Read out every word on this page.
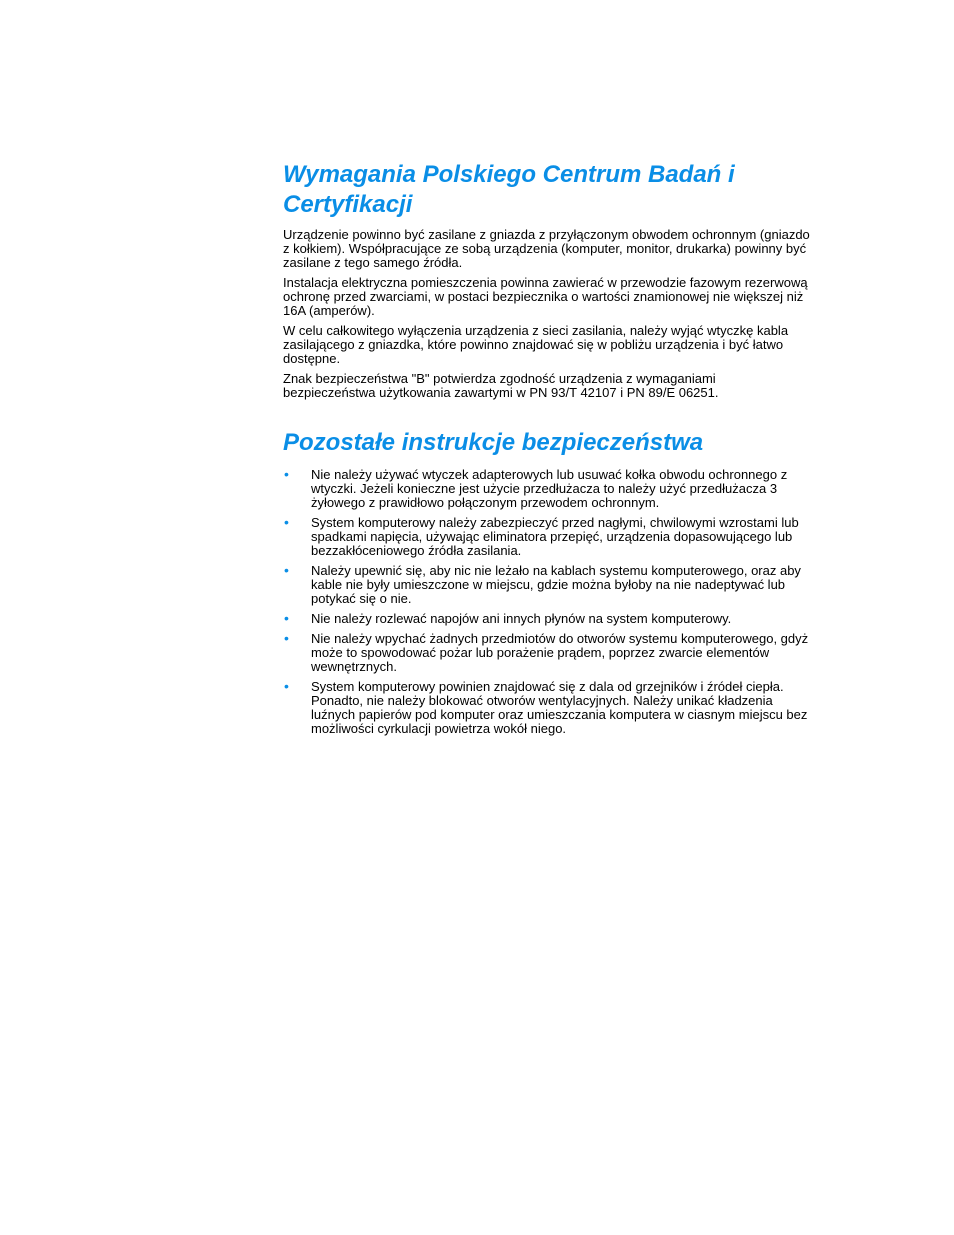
Wymagania Polskiego Centrum Badań i Certyfikacji

Urządzenie powinno być zasilane z gniazda z przyłączonym obwodem ochronnym (gniazdo z kołkiem). Współpracujące ze sobą urządzenia (komputer, monitor, drukarka) powinny być zasilane z tego samego źródła.

Instalacja elektryczna pomieszczenia powinna zawierać w przewodzie fazowym rezerwową ochronę przed zwarciami, w postaci bezpiecznika o wartości znamionowej nie większej niż 16A (amperów).

W celu całkowitego wyłączenia urządzenia z sieci zasilania, należy wyjąć wtyczkę kabla zasilającego z gniazdka, które powinno znajdować się w pobliżu urządzenia i być łatwo dostępne.

Znak bezpieczeństwa "B" potwierdza zgodność urządzenia z wymaganiami bezpieczeństwa użytkowania zawartymi w PN 93/T 42107 i PN 89/E 06251.

Pozostałe instrukcje bezpieczeństwa
• Nie należy używać wtyczek adapterowych lub usuwać kołka obwodu ochronnego z wtyczki. Jeżeli konieczne jest użycie przedłużacza to należy użyć przedłużacza 3 żyłowego z prawidłowo połączonym przewodem ochronnym.
• System komputerowy należy zabezpieczyć przed nagłymi, chwilowymi wzrostami lub spadkami napięcia, używając eliminatora przepięć, urządzenia dopasowującego lub bezzakłóceniowego źródła zasilania.
• Należy upewnić się, aby nic nie leżało na kablach systemu komputerowego, oraz aby kable nie były umieszczone w miejscu, gdzie można byłoby na nie nadeptywać lub potykać się o nie.
• Nie należy rozlewać napojów ani innych płynów na system komputerowy.
• Nie należy wpychać żadnych przedmiotów do otworów systemu komputerowego, gdyż może to spowodować pożar lub porażenie prądem, poprzez zwarcie elementów wewnętrznych.
• System komputerowy powinien znajdować się z dala od grzejników i źródeł ciepła. Ponadto, nie należy blokować otworów wentylacyjnych. Należy unikać kładzenia luźnych papierów pod komputer oraz umieszczania komputera w ciasnym miejscu bez możliwości cyrkulacji powietrza wokół niego.
